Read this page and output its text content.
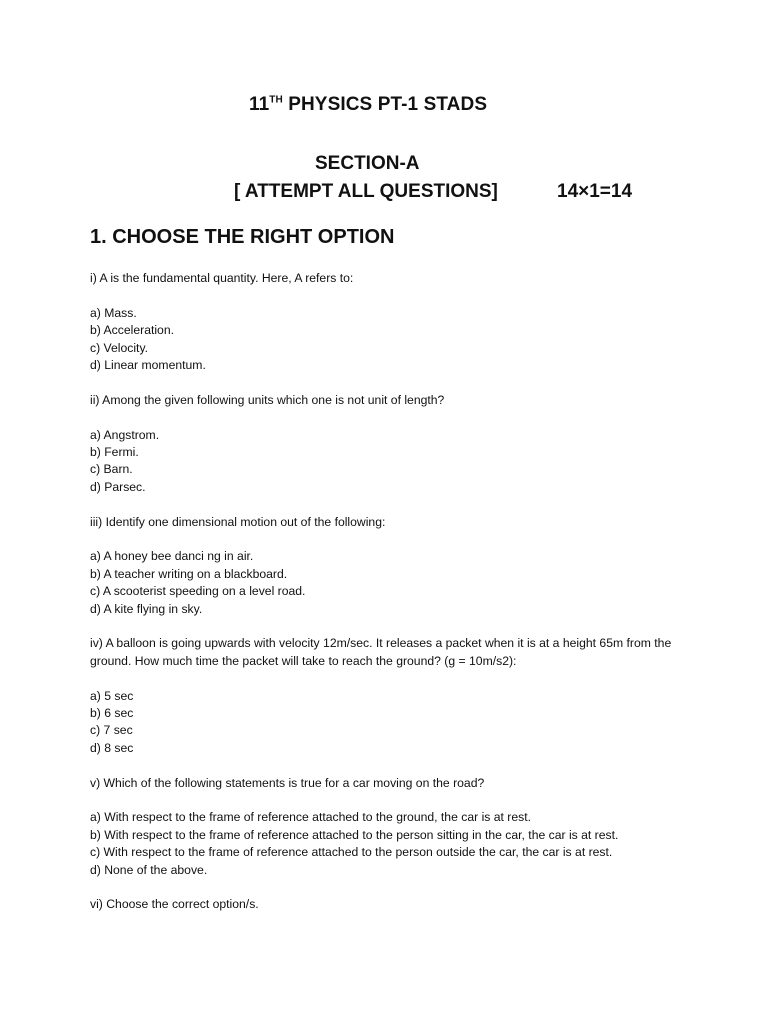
11TH PHYSICS PT-1 STADS
SECTION-A
[ ATTEMPT ALL QUESTIONS]	14×1=14
1. CHOOSE THE RIGHT OPTION

i) A is the fundamental quantity. Here, A refers to:

a) Mass.
b) Acceleration.
c) Velocity.
d) Linear momentum.

ii) Among the given following units which one is not unit of length?

a) Angstrom.
b) Fermi.
c) Barn.
d) Parsec.

iii) Identify one dimensional motion out of the following:

a) A honey bee danci ng in air.
b) A teacher writing on a blackboard.
c) A scooterist speeding on a level road.
d) A kite flying in sky.

iv) A balloon is going upwards with velocity 12m/sec. It releases a packet when it is at a height 65m from the ground. How much time the packet will take to reach the ground? (g = 10m/s2):

a) 5 sec
b) 6 sec
c) 7 sec
d) 8 sec

v) Which of the following statements is true for a car moving on the road?

a) With respect to the frame of reference attached to the ground, the car is at rest.
b) With respect to the frame of reference attached to the person sitting in the car, the car is at rest.
c) With respect to the frame of reference attached to the person outside the car, the car is at rest.
d) None of the above.

vi) Choose the correct option/s.
